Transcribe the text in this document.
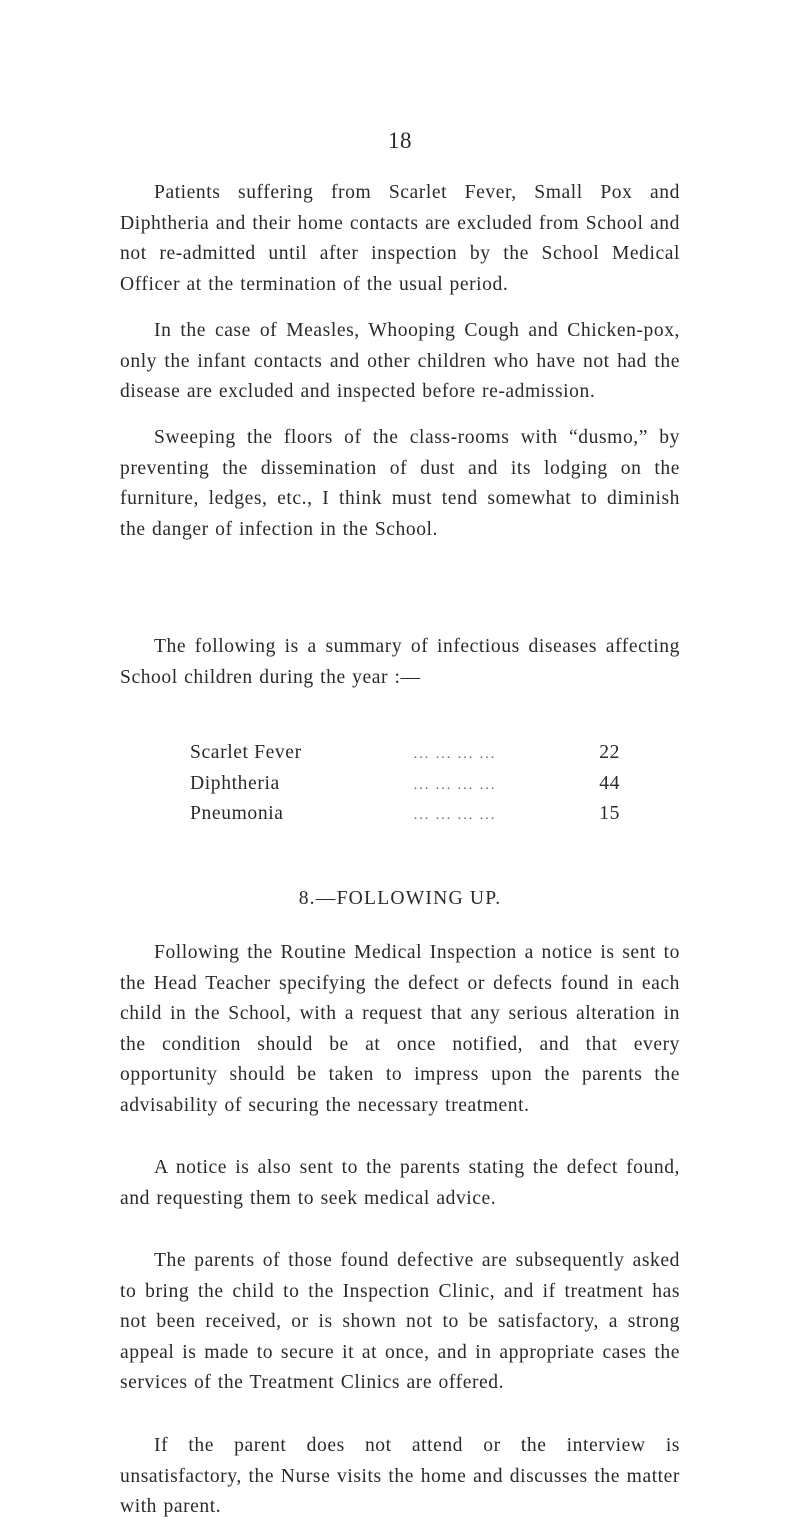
18

Patients suffering from Scarlet Fever, Small Pox and Diphtheria and their home contacts are excluded from School and not re-admitted until after inspection by the School Medical Officer at the termination of the usual period.

In the case of Measles, Whooping Cough and Chicken-pox, only the infant contacts and other children who have not had the disease are excluded and inspected before re-admission.

Sweeping the floors of the class-rooms with “dusmo,” by preventing the dissemination of dust and its lodging on the furniture, ledges, etc., I think must tend somewhat to diminish the danger of infection in the School.

The following is a summary of infectious diseases affecting School children during the year :—

Scarlet Fever	... ... ... ...	22
Diphtheria	... ... ... ...	44
Pneumonia	... ... ... ...	15
8.—FOLLOWING UP.

Following the Routine Medical Inspection a notice is sent to the Head Teacher specifying the defect or defects found in each child in the School, with a request that any serious alteration in the condition should be at once notified, and that every opportunity should be taken to impress upon the parents the advisability of securing the necessary treatment.

A notice is also sent to the parents stating the defect found, and requesting them to seek medical advice.

The parents of those found defective are subsequently asked to bring the child to the Inspection Clinic, and if treatment has not been received, or is shown not to be satisfactory, a strong appeal is made to secure it at once, and in appropriate cases the services of the Treatment Clinics are offered.

If the parent does not attend or the interview is unsatisfactory, the Nurse visits the home and discusses the matter with parent.
